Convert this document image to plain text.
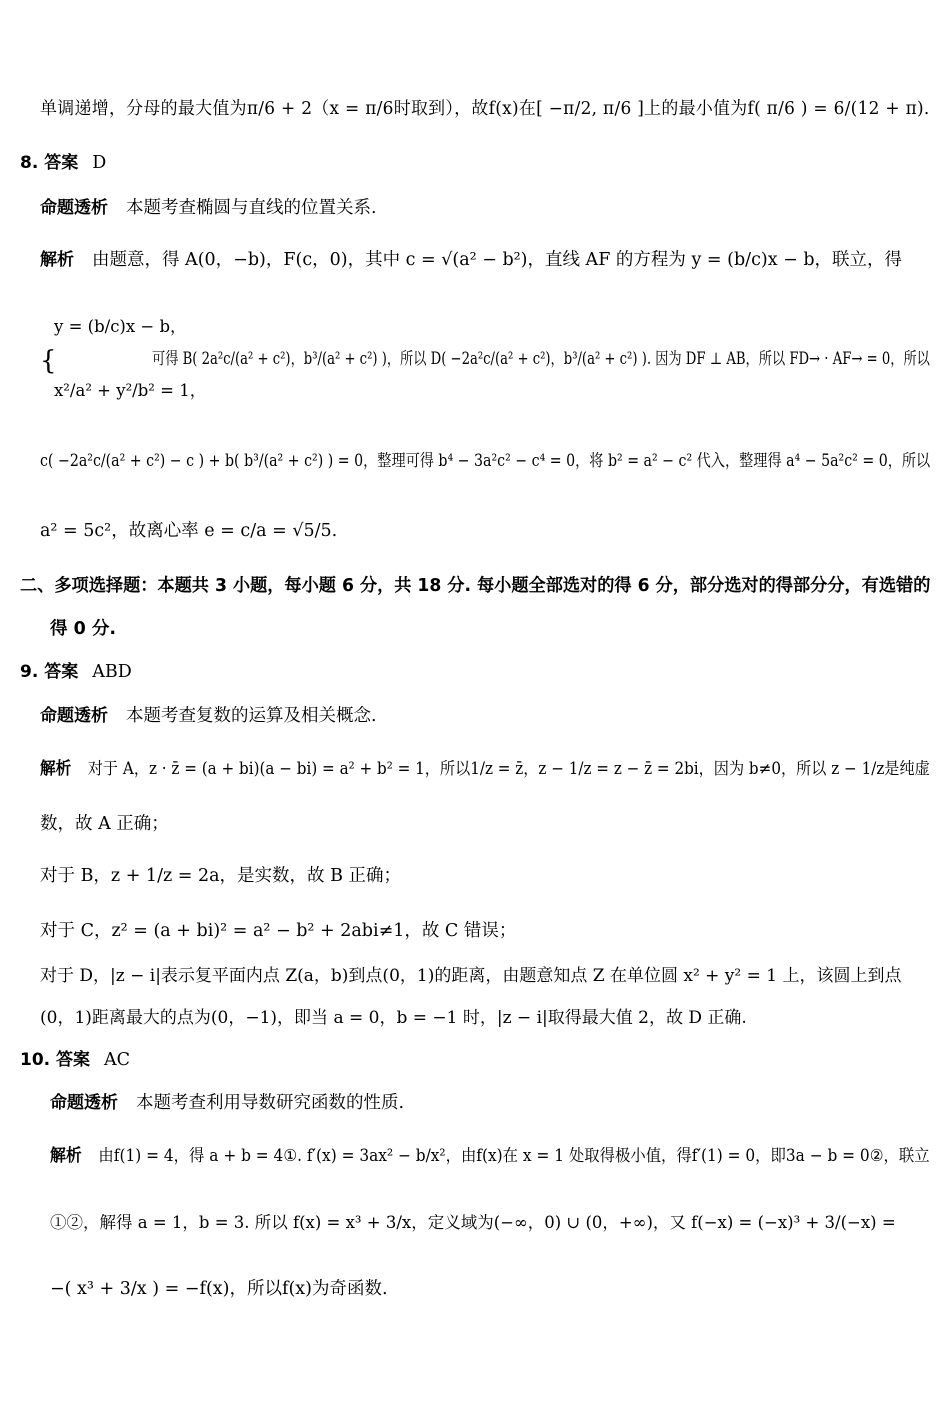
单调递增，分母的最大值为π/6 + 2（x = π/6时取到），故f(x)在[ −π/2, π/6 ]上的最小值为f( π/6 ) = 6/(12 + π).
8. 答案 D
命题透析 本题考查椭圆与直线的位置关系.
解析 由题意，得 A(0，−b)，F(c，0)，其中 c = √(a² − b²)，直线 AF 的方程为 y = (b/c)x − b，联立，得
{
y = (b/c)x − b，
x²/a² + y²/b² = 1，
可得 B( 2a²c/(a² + c²)，b³/(a² + c²) )，所以 D( −2a²c/(a² + c²)，b³/(a² + c²) ). 因为 DF ⊥ AB，所以 FD→ · AF→ = 0，所以
c( −2a²c/(a² + c²) − c ) + b( b³/(a² + c²) ) = 0，整理可得 b⁴ − 3a²c² − c⁴ = 0，将 b² = a² − c² 代入，整理得 a⁴ − 5a²c² = 0，所以
a² = 5c²，故离心率 e = c/a = √5/5.
二、多项选择题：本题共 3 小题，每小题 6 分，共 18 分. 每小题全部选对的得 6 分，部分选对的得部分分，有选错的
得 0 分.
9. 答案 ABD
命题透析 本题考查复数的运算及相关概念.
解析 对于 A，z · z̄ = (a + bi)(a − bi) = a² + b² = 1，所以1/z = z̄，z − 1/z = z − z̄ = 2bi，因为 b≠0，所以 z − 1/z是纯虚
数，故 A 正确；
对于 B，z + 1/z = 2a，是实数，故 B 正确；
对于 C，z² = (a + bi)² = a² − b² + 2abi≠1，故 C 错误；
对于 D，|z − i|表示复平面内点 Z(a，b)到点(0，1)的距离，由题意知点 Z 在单位圆 x² + y² = 1 上，该圆上到点
(0，1)距离最大的点为(0，−1)，即当 a = 0，b = −1 时，|z − i|取得最大值 2，故 D 正确.
10. 答案 AC
命题透析 本题考查利用导数研究函数的性质.
解析 由f(1) = 4，得 a + b = 4①. f′(x) = 3ax² − b/x²，由f(x)在 x = 1 处取得极小值，得f′(1) = 0，即3a − b = 0②，联立
①②，解得 a = 1，b = 3. 所以 f(x) = x³ + 3/x，定义域为(−∞，0) ∪ (0，+∞)，又 f(−x) = (−x)³ + 3/(−x) =
−( x³ + 3/x ) = −f(x)，所以f(x)为奇函数.
